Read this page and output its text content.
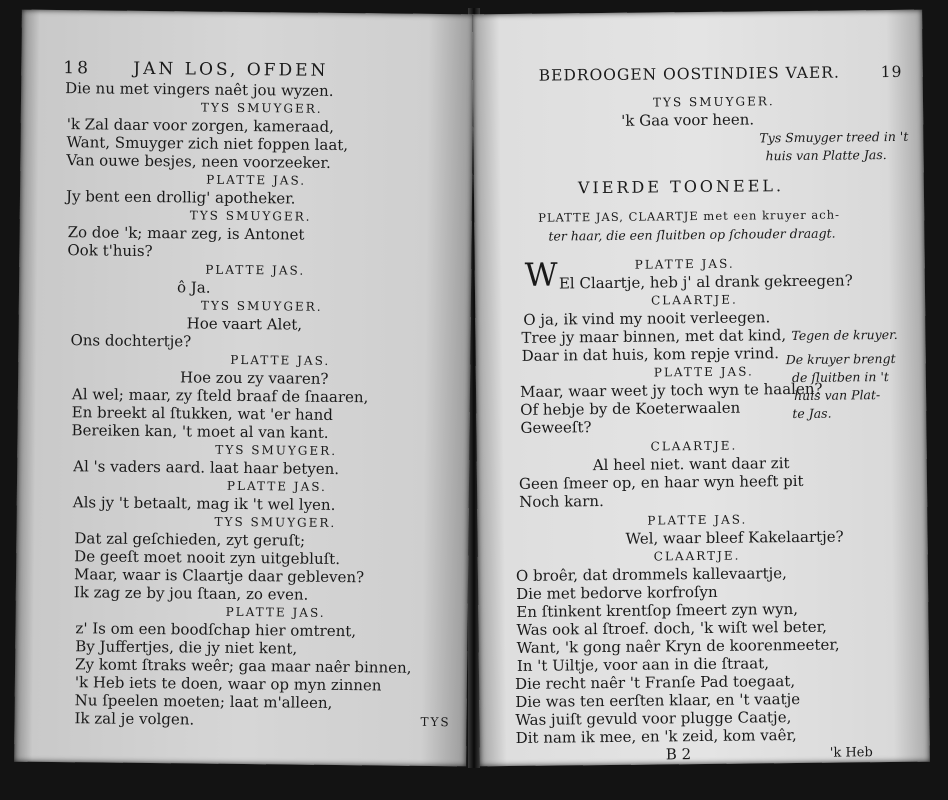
18 JAN LOS, OFDEN
Die nu met vingers naêt jou wyzen.
TYS SMUYGER.
'k Zal daar voor zorgen, kameraad,
Want, Smuyger zich niet foppen laat,
Van ouwe besjes, neen voorzeeker.
PLATTE JAS.
Jy bent een drollig' apotheker.
TYS SMUYGER.
Zo doe 'k; maar zeg, is Antonet
Ook t'huis?
PLATTE JAS.
ô Ja.
TYS SMUYGER.
Hoe vaart Alet,
Ons dochtertje?
PLATTE JAS.
Hoe zou zy vaaren?
Al wel; maar, zy ſteld braaf de ſnaaren,
En breekt al ſtukken, wat 'er hand
Bereiken kan, 't moet al van kant.
TYS SMUYGER.
Al 's vaders aard. laat haar betyen.
PLATTE JAS.
Als jy 't betaalt, mag ik 't wel lyen.
TYS SMUYGER.
Dat zal geſchieden, zyt geruſt;
De geeſt moet nooit zyn uitgebluſt.
Maar, waar is Claartje daar gebleven?
Ik zag ze by jou ſtaan, zo even.
PLATTE JAS.
z' Is om een boodſchap hier omtrent,
By Juffertjes, die jy niet kent,
Zy komt ſtraks weêr; gaa maar naêr binnen,
'k Heb iets te doen, waar op myn zinnen
Nu ſpeelen moeten; laat m'alleen,
Ik zal je volgen.	TYS
BEDROOGEN OOSTINDIES VAER.	19
TYS SMUYGER.
'k Gaa voor heen.
Tys Smuyger treed in 't
huis van Platte Jas.
VIERDE TOONEEL.
PLATTE JAS, CLAARTJE met een kruyer ach-
ter haar, die een ſluitben op ſchouder draagt.
PLATTE JAS.
W El Claartje, heb j' al drank gekreegen?
CLAARTJE.
O ja, ik vind my nooit verleegen.
Tree jy maar binnen, met dat kind, Tegen de kruyer.
Daar in dat huis, kom repje vrind. De kruyer brengt
PLATTE JAS.	de ſluitben in 't
Maar, waar weet jy toch wyn te haalen?
huis van Plat-
Of hebje by de Koeterwaalen	te Jas.
Geweeſt?
CLAARTJE.
Al heel niet. want daar zit
Geen ſmeer op, en haar wyn heeft pit
Noch karn.
PLATTE JAS.
Wel, waar bleef Kakelaartje?
CLAARTJE.
O broêr, dat drommels kallevaartje,
Die met bedorve korfroſyn
En ſtinkent krentſop ſmeert zyn wyn,
Was ook al ſtroef. doch, 'k wiſt wel beter,
Want, 'k gong naêr Kryn de koorenmeeter,
In 't Uiltje, voor aan in die ſtraat,
Die recht naêr 't Franſe Pad toegaat,
Die was ten eerſten klaar, en 't vaatje
Was juiſt gevuld voor plugge Caatje,
Dit nam ik mee, en 'k zeid, kom vaêr,
B 2	'k Heb
